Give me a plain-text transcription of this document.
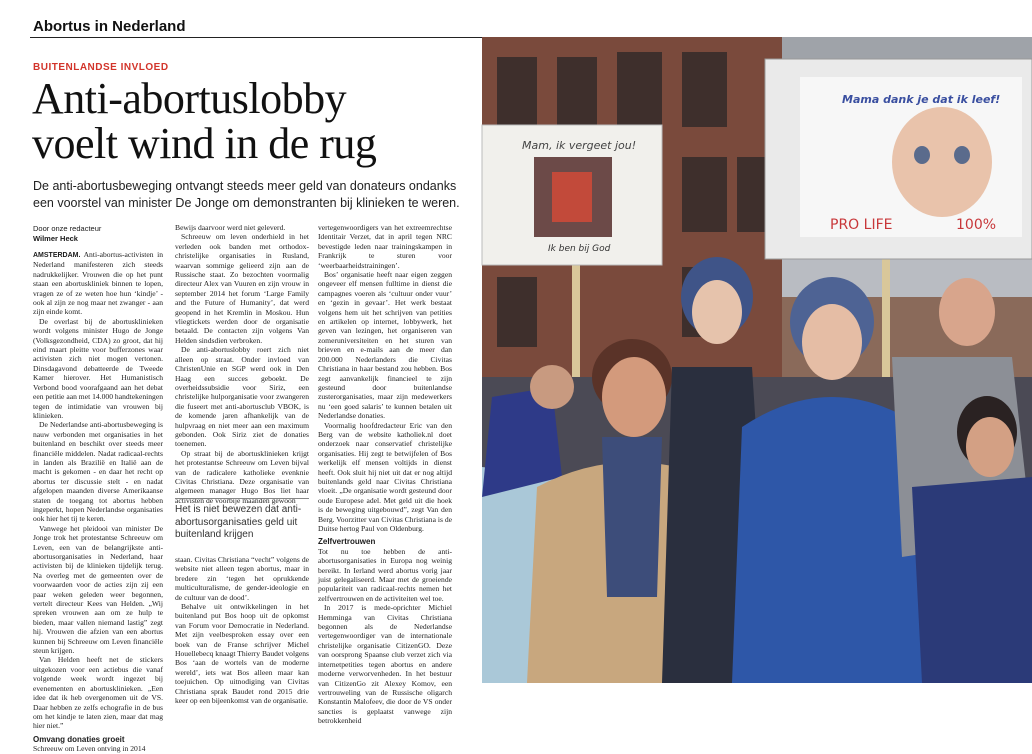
Abortus in Nederland
BUITENLANDSE INVLOED
Anti-abortuslobby
voelt wind in de rug

De anti-abortusbeweging ontvangt steeds meer geld van donateurs ondanks een voorstel van minister De Jonge om demonstranten bij klinieken te weren.

Door onze redacteur
Wilmer Heck

AMSTERDAM. Anti-abortus-activisten in Nederland manifesteren zich steeds nadrukkelijker. Vrouwen die op het punt staan een abortuskliniek binnen te lopen, vragen ze of ze weten hoe hun ‘kindje’ - ook al zijn ze nog maar net zwanger - aan zijn einde komt.

De overlast bij de abortusklinieken wordt volgens minister Hugo de Jonge (Volksgezondheid, CDA) zo groot, dat hij eind maart pleitte voor bufferzones waar activisten zich niet mogen vertonen. Dinsdagavond debatteerde de Tweede Kamer hierover. Het Humanistisch Verbond bood voorafgaand aan het debat een petitie aan met 14.000 handtekeningen tegen de intimidatie van vrouwen bij klinieken.

De Nederlandse anti-abortusbeweging is nauw verbonden met organisaties in het buitenland en beschikt over steeds meer financiële middelen. Nadat radicaal-rechts in landen als Brazilië en Italië aan de macht is gekomen - en daar het recht op abortus ter discussie stelt - en nadat afgelopen maanden diverse Amerikaanse staten de toegang tot abortus hebben ingeperkt, hopen Nederlandse organisaties ook hier het tij te keren.

Vanwege het pleidooi van minister De Jonge trok het protestantse Schreeuw om Leven, een van de belangrijkste anti-abortusorganisaties in Nederland, haar activisten bij de klinieken tijdelijk terug. Na overleg met de gemeenten over de voorwaarden voor de acties zijn zij een paar weken geleden weer begonnen, vertelt directeur Kees van Helden. „Wij spreken vrouwen aan om ze hulp te bieden, maar vallen niemand lastig” zegt hij. Vrouwen die afzien van een abortus kunnen bij Schreeuw om Leven financiële steun krijgen.

Van Helden heeft net de stickers uitgekozen voor een actiebus die vanaf volgende week wordt ingezet bij evenementen en abortusklinieken. „Een idee dat ik heb overgenomen uit de VS. Daar hebben ze zelfs echografie in de bus om het kindje te laten zien, maar dat mag hier niet.”

Omvang donaties groeit

Schreeuw om Leven ontving in 2014

Bewijs daarvoor werd niet geleverd.

Schreeuw om leven onderhield in het verleden ook banden met orthodox-christelijke organisaties in Rusland, waarvan sommige gelieerd zijn aan de Russische staat. Zo bezochten voormalig directeur Alex van Vuuren en zijn vrouw in september 2014 het forum ‘Large Family and the Future of Humanity’, dat werd geopend in het Kremlin in Moskou. Hun vliegtickets werden door de organisatie betaald. De contacten zijn volgens Van Helden sindsdien verbroken.

De anti-abortuslobby roert zich niet alleen op straat. Onder invloed van ChristenUnie en SGP werd ook in Den Haag een succes geboekt. De overheidssubsidie voor Siriz, een christelijke hulporganisatie voor zwangeren die fuseert met anti-abortusclub VBOK, is de komende jaren afhankelijk van de hulpvraag en niet meer aan een maximum gebonden. Ook Siriz ziet de donaties toenemen.

Op straat bij de abortusklinieken krijgt het protestantse Schreeuw om Leven bijval van de radicalere katholieke evenknie Civitas Christiana. Deze organisatie van algemeen manager Hugo Bos liet haar activisten de voorbije maanden gewoon

Het is niet bewezen dat anti-abortusorganisaties geld uit buitenland krijgen

staan. Civitas Christiana “vecht” volgens de website niet alleen tegen abortus, maar in bredere zin ‘tegen het oprukkende multiculturalisme, de gender-ideologie en de cultuur van de dood’.

Behalve uit ontwikkelingen in het buitenland put Bos hoop uit de opkomst van Forum voor Democratie in Nederland. Met zijn veelbesproken essay over een boek van de Franse schrijver Michel Houellebecq knaagt Thierry Baudet volgens Bos ‘aan de wortels van de moderne wereld’, iets wat Bos alleen maar kan toejuichen. Op uitnodiging van Civitas Christiana sprak Baudet rond 2015 drie keer op een bijeenkomst van de organisatie.

vertegenwoordigers van het extreemrechtse Identitair Verzet, dat in april tegen NRC bevestigde leden naar trainingskampen in Frankrijk te sturen voor ‘weerbaarheidstrainingen’.

Bos’ organisatie heeft naar eigen zeggen ongeveer elf mensen fulltime in dienst die campagnes voeren als ‘cultuur onder vuur’ en ‘gezin in gevaar’. Het werk bestaat volgens hem uit het schrijven van petities en artikelen op internet, lobbywerk, het geven van lezingen, het organiseren van zomeruniversiteiten en het sturen van brieven en e-mails aan de meer dan 200.000 Nederlanders die Civitas Christiana in haar bestand zou hebben. Bos zegt aanvankelijk financieel te zijn gesteund door buitenlandse zusterorganisaties, maar zijn medewerkers nu ‘een goed salaris’ te kunnen betalen uit Nederlandse donaties.

Voormalig hoofdredacteur Eric van den Berg van de website katholiek.nl doet onderzoek naar conservatief christelijke organisaties. Hij zegt te betwijfelen of Bos werkelijk elf mensen voltijds in dienst heeft. Ook sluit hij niet uit dat er nog altijd buitenlands geld naar Civitas Christiana vloeit. „De organisatie wordt gesteund door oude Europese adel. Met geld uit die hoek is de beweging uitgebouwd”, zegt Van den Berg. Voorzitter van Civitas Christiana is de Duitse hertog Paul von Oldenburg.

Zelfvertrouwen

Tot nu toe hebben de anti-abortusorganisaties in Europa nog weinig bereikt. In Ierland werd abortus vorig jaar juist gelegaliseerd. Maar met de groeiende populariteit van radicaal-rechts nemen het zelfvertrouwen en de activiteiten wel toe.

In 2017 is mede-oprichter Michiel Hemminga van Civitas Christiana begonnen als de Nederlandse vertegenwoordiger van de internationale christelijke organisatie CitizenGO. Deze van oorsprong Spaanse club verzet zich via internetpetities tegen abortus en andere moderne verworvenheden. In het bestuur van CitizenGo zit Alexey Komov, een vertrouweling van de Russische oligarch Konstantin Malofeev, die door de VS onder sancties is geplaatst vanwege zijn betrokkenheid

Mam, ik vergeet jou!
Ik ben bij God
Mama dank je dat ik leef!
PRO LIFE	100%
